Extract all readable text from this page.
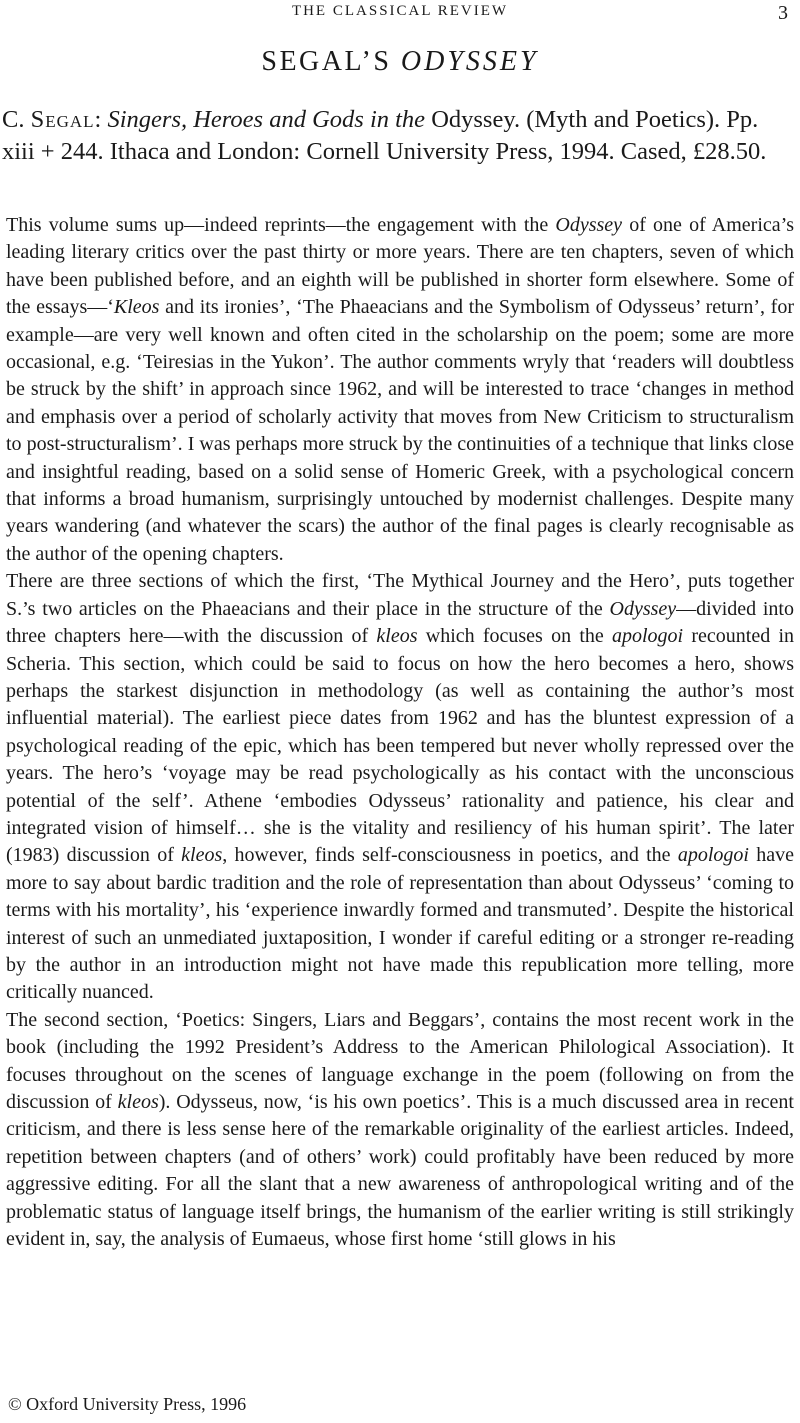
THE CLASSICAL REVIEW	3
SEGAL’S ODYSSEY
C. Segal: Singers, Heroes and Gods in the Odyssey. (Myth and Poetics). Pp. xiii + 244. Ithaca and London: Cornell University Press, 1994. Cased, £28.50.

This volume sums up—indeed reprints—the engagement with the Odyssey of one of America’s leading literary critics over the past thirty or more years. There are ten chapters, seven of which have been published before, and an eighth will be published in shorter form elsewhere. Some of the essays—‘Kleos and its ironies’, ‘The Phaeacians and the Symbolism of Odysseus’ return’, for example—are very well known and often cited in the scholarship on the poem; some are more occasional, e.g. ‘Teiresias in the Yukon’. The author comments wryly that ‘readers will doubtless be struck by the shift’ in approach since 1962, and will be interested to trace ‘changes in method and emphasis over a period of scholarly activity that moves from New Criticism to structuralism to post-structuralism’. I was perhaps more struck by the continuities of a technique that links close and insightful reading, based on a solid sense of Homeric Greek, with a psychological concern that informs a broad humanism, surprisingly untouched by modernist challenges. Despite many years wandering (and whatever the scars) the author of the final pages is clearly recognisable as the author of the opening chapters.

There are three sections of which the first, ‘The Mythical Journey and the Hero’, puts together S.’s two articles on the Phaeacians and their place in the structure of the Odyssey—divided into three chapters here—with the discussion of kleos which focuses on the apologoi recounted in Scheria. This section, which could be said to focus on how the hero becomes a hero, shows perhaps the starkest disjunction in methodology (as well as containing the author’s most influential material). The earliest piece dates from 1962 and has the bluntest expression of a psychological reading of the epic, which has been tempered but never wholly repressed over the years. The hero’s ‘voyage may be read psychologically as his contact with the unconscious potential of the self’. Athene ‘embodies Odysseus’ rationality and patience, his clear and integrated vision of himself… she is the vitality and resiliency of his human spirit’. The later (1983) discussion of kleos, however, finds self-consciousness in poetics, and the apologoi have more to say about bardic tradition and the role of representation than about Odysseus’ ‘coming to terms with his mortality’, his ‘experience inwardly formed and transmuted’. Despite the historical interest of such an unmediated juxtaposition, I wonder if careful editing or a stronger re-reading by the author in an introduction might not have made this republication more telling, more critically nuanced.

The second section, ‘Poetics: Singers, Liars and Beggars’, contains the most recent work in the book (including the 1992 President’s Address to the American Philological Association). It focuses throughout on the scenes of language exchange in the poem (following on from the discussion of kleos). Odysseus, now, ‘is his own poetics’. This is a much discussed area in recent criticism, and there is less sense here of the remarkable originality of the earliest articles. Indeed, repetition between chapters (and of others’ work) could profitably have been reduced by more aggressive editing. For all the slant that a new awareness of anthropological writing and of the problematic status of language itself brings, the humanism of the earlier writing is still strikingly evident in, say, the analysis of Eumaeus, whose first home ‘still glows in his

© Oxford University Press, 1996
